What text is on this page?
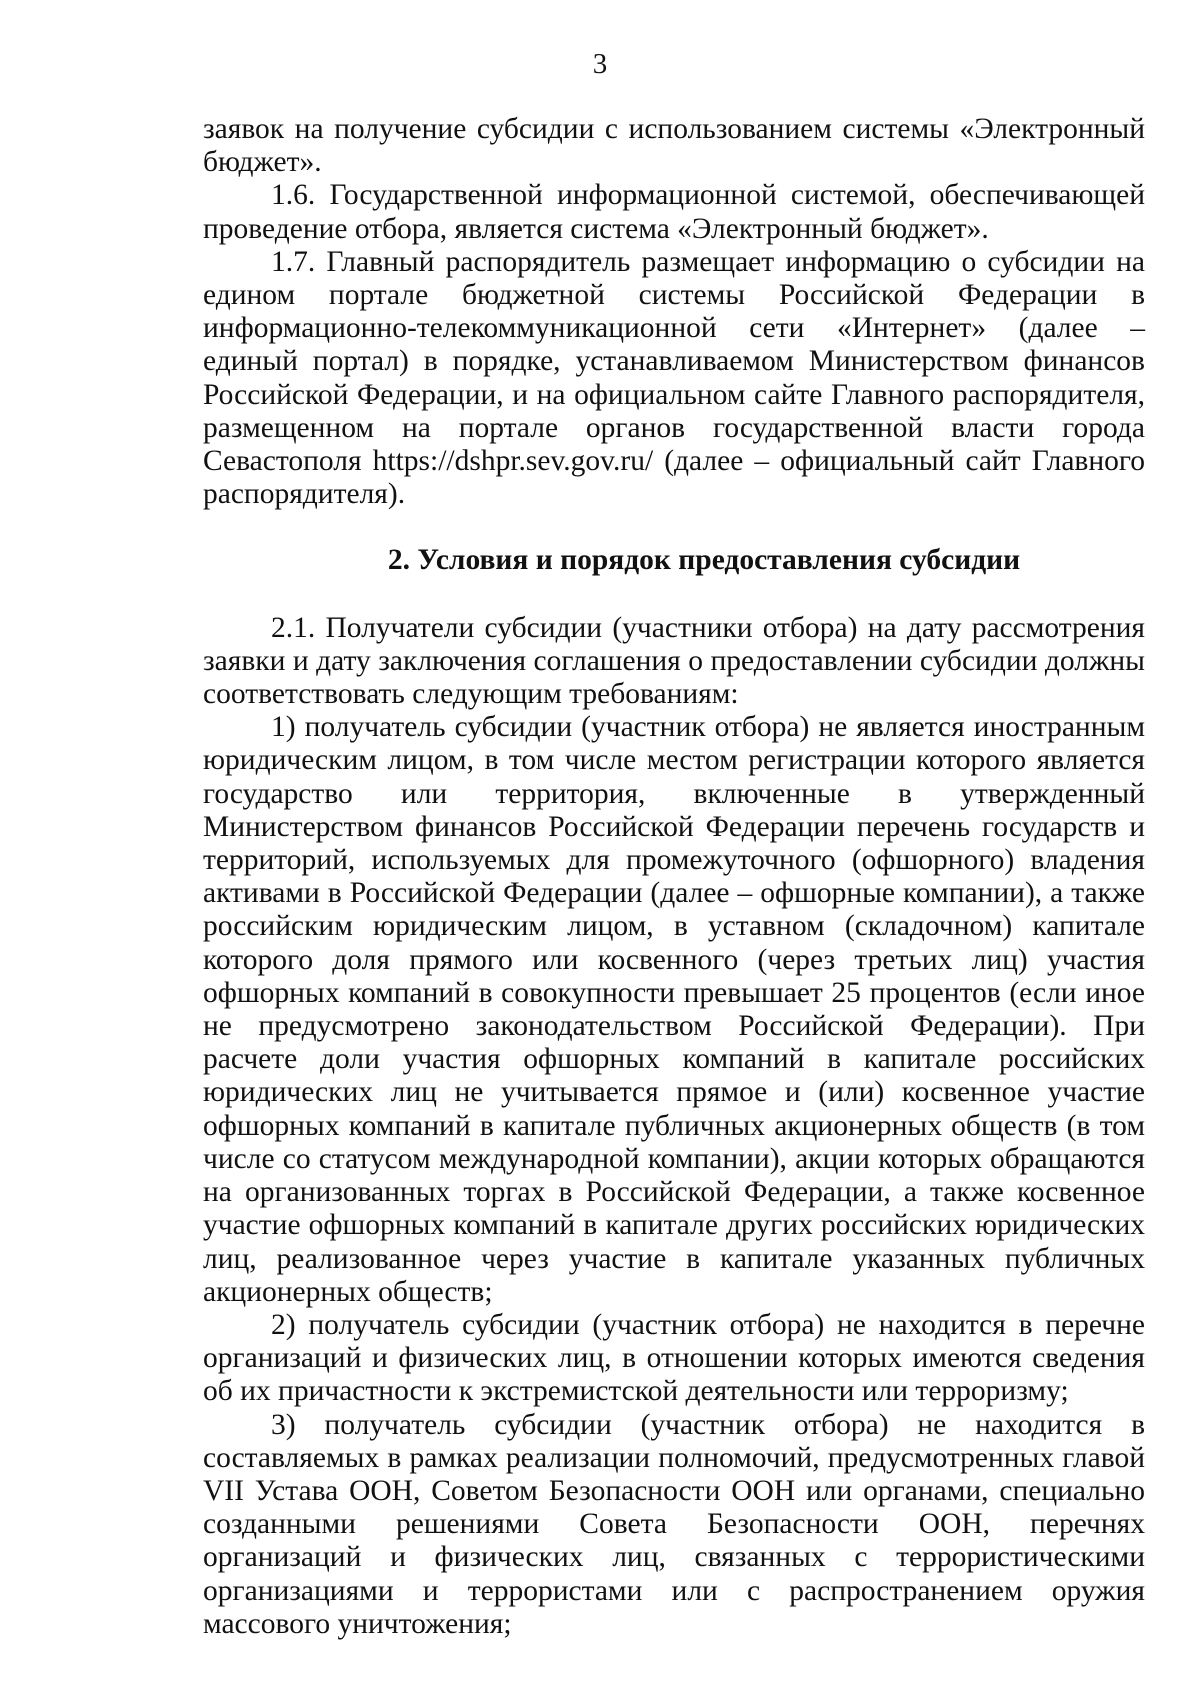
3

заявок на получение субсидии с использованием системы «Электронный бюджет».

1.6. Государственной информационной системой, обеспечивающей проведение отбора, является система «Электронный бюджет».

1.7. Главный распорядитель размещает информацию о субсидии на едином портале бюджетной системы Российской Федерации в информационно-телекоммуникационной сети «Интернет» (далее – единый портал) в порядке, устанавливаемом Министерством финансов Российской Федерации, и на официальном сайте Главного распорядителя, размещенном на портале органов государственной власти города Севастополя https://dshpr.sev.gov.ru/ (далее – официальный сайт Главного распорядителя).

2. Условия и порядок предоставления субсидии

2.1. Получатели субсидии (участники отбора) на дату рассмотрения заявки и дату заключения соглашения о предоставлении субсидии должны соответствовать следующим требованиям:

1) получатель субсидии (участник отбора) не является иностранным юридическим лицом, в том числе местом регистрации которого является государство или территория, включенные в утвержденный Министерством финансов Российской Федерации перечень государств и территорий, используемых для промежуточного (офшорного) владения активами в Российской Федерации (далее – офшорные компании), а также российским юридическим лицом, в уставном (складочном) капитале которого доля прямого или косвенного (через третьих лиц) участия офшорных компаний в совокупности превышает 25 процентов (если иное не предусмотрено законодательством Российской Федерации). При расчете доли участия офшорных компаний в капитале российских юридических лиц не учитывается прямое и (или) косвенное участие офшорных компаний в капитале публичных акционерных обществ (в том числе со статусом международной компании), акции которых обращаются на организованных торгах в Российской Федерации, а также косвенное участие офшорных компаний в капитале других российских юридических лиц, реализованное через участие в капитале указанных публичных акционерных обществ;

2) получатель субсидии (участник отбора) не находится в перечне организаций и физических лиц, в отношении которых имеются сведения об их причастности к экстремистской деятельности или терроризму;

3) получатель субсидии (участник отбора) не находится в составляемых в рамках реализации полномочий, предусмотренных главой VII Устава ООН, Советом Безопасности ООН или органами, специально созданными решениями Совета Безопасности ООН, перечнях организаций и физических лиц, связанных с террористическими организациями и террористами или с распространением оружия массового уничтожения;
